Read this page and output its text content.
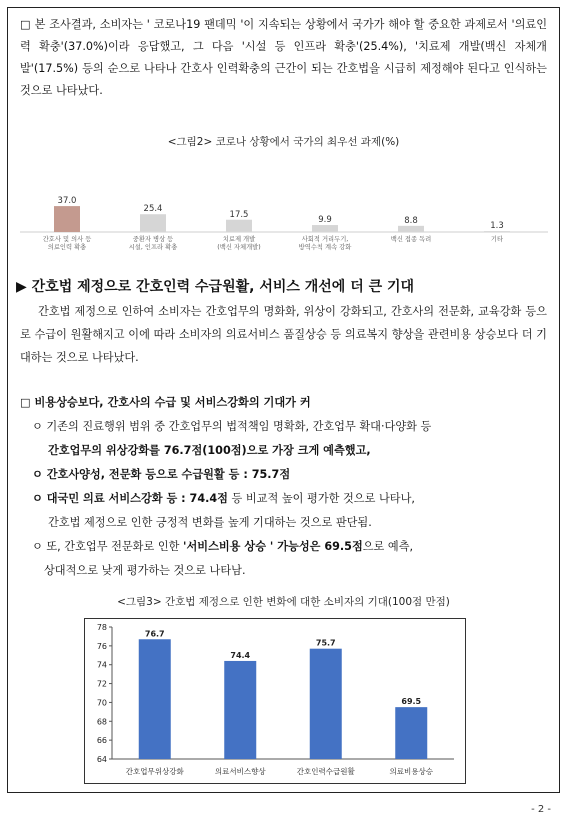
□ 본 조사결과, 소비자는 ' 코로나19 팬데믹 '이 지속되는 상황에서 국가가 해야 할 중요한 과제로서 '의료인력 확충'(37.0%)이라 응답했고, 그 다음 '시설 등 인프라 확충'(25.4%), '치료제 개발(백신 자체개발'(17.5%) 등의 순으로 나타나 간호사 인력확충의 근간이 되는 간호법을 시급히 제정해야 된다고 인식하는 것으로 나타났다.
<그림2> 코로나 상황에서 국가의 최우선 과제(%)
37.0
간호사 및 의사 등
의료인력 확충
25.4
중환자 병상 등
시설, 인프라 확충
17.5
치료제 개발
(백신 자체개발)
9.9
사회적 거리두기,
방역수칙 계속 강화
8.8
백신 접종 독려
1.3
기타
▶ 간호법 제정으로 간호인력 수급원활, 서비스 개선에 더 큰 기대
간호법 제정으로 인하여 소비자는 간호업무의 명화화, 위상이 강화되고, 간호사의 전문화, 교육강화 등으로 수급이 원활해지고 이에 따라 소비자의 의료서비스 품질상승 등 의료복지 향상을 관련비용 상승보다 더 기대하는 것으로 나타났다.
□ 비용상승보다, 간호사의 수급 및 서비스강화의 기대가 커
ㅇ 기존의 진료행위 범위 중 간호업무의 법적책임 명확화, 간호업무 확대·다양화 등
간호업무의 위상강화를 76.7점(100점)으로 가장 크게 예측했고,
ㅇ 간호사양성, 전문화 등으로 수급원활 등 : 75.7점
ㅇ 대국민 의료 서비스강화 등 : 74.4점 등 비교적 높이 평가한 것으로 나타나,
간호법 제정으로 인한 긍정적 변화를 높게 기대하는 것으로 판단됨.
ㅇ 또, 간호업무 전문화로 인한 '서비스비용 상승 ' 가능성은 69.5점으로 예측,
상대적으로 낮게 평가하는 것으로 나타남.
<그림3> 간호법 제정으로 인한 변화에 대한 소비자의 기대(100점 만점)
64
66
68
70
72
74
76
78
76.7
간호업무위상강화
74.4
의료서비스향상
75.7
간호인력수급원활
69.5
의료비용상승
- 2 -
